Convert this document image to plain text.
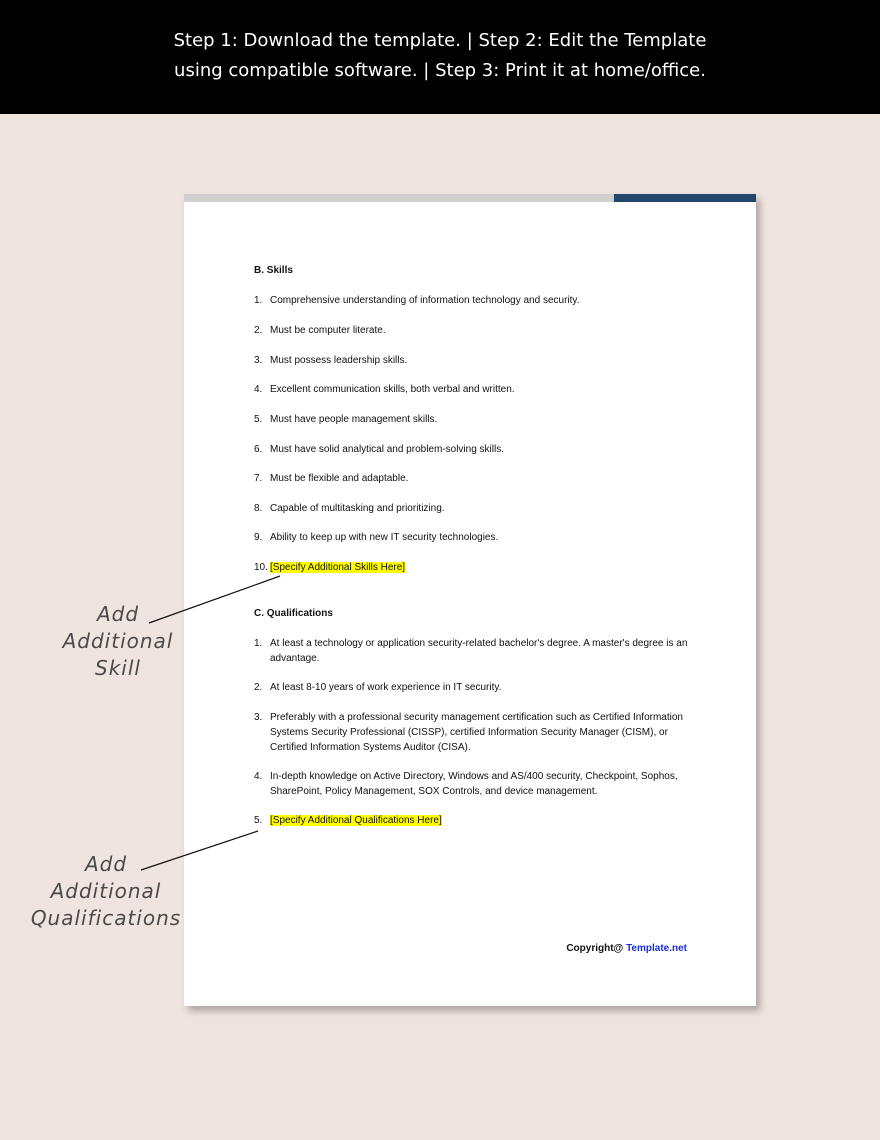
Step 1: Download the template. | Step 2: Edit the Template
using compatible software. | Step 3: Print it at home/office.
B. Skills
1. Comprehensive understanding of information technology and security.
2. Must be computer literate.
3. Must possess leadership skills.
4. Excellent communication skills, both verbal and written.
5. Must have people management skills.
6. Must have solid analytical and problem-solving skills.
7. Must be flexible and adaptable.
8. Capable of multitasking and prioritizing.
9. Ability to keep up with new IT security technologies.
10. [Specify Additional Skills Here]
C. Qualifications
1. At least a technology or application security-related bachelor's degree. A master's degree is an advantage.
2. At least 8-10 years of work experience in IT security.
3. Preferably with a professional security management certification such as Certified Information Systems Security Professional (CISSP), certified Information Security Manager (CISM), or Certified Information Systems Auditor (CISA).
4. In-depth knowledge on Active Directory, Windows and AS/400 security, Checkpoint, Sophos, SharePoint, Policy Management, SOX Controls, and device management.
5. [Specify Additional Qualifications Here]
Copyright@ Template.net
Add
Additional
Skill
Add
Additional
Qualifications
